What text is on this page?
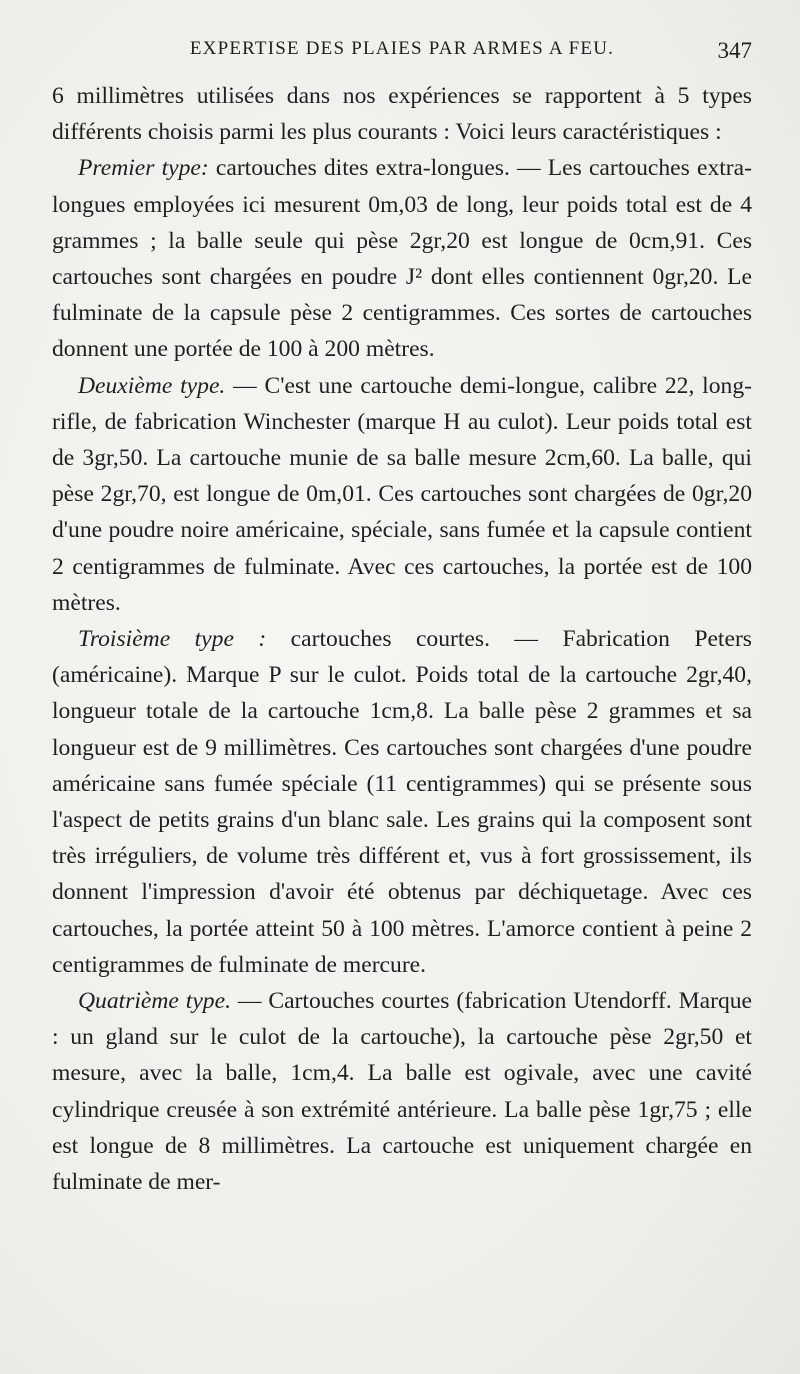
EXPERTISE DES PLAIES PAR ARMES A FEU.	347

6 millimètres utilisées dans nos expériences se rapportent à 5 types différents choisis parmi les plus courants : Voici leurs caractéristiques :

Premier type: cartouches dites extra-longues. — Les cartouches extra-longues employées ici mesurent 0m,03 de long, leur poids total est de 4 grammes ; la balle seule qui pèse 2gr,20 est longue de 0cm,91. Ces cartouches sont chargées en poudre J² dont elles contiennent 0gr,20. Le fulminate de la capsule pèse 2 centigrammes. Ces sortes de cartouches donnent une portée de 100 à 200 mètres.

Deuxième type. — C'est une cartouche demi-longue, calibre 22, long-rifle, de fabrication Winchester (marque H au culot). Leur poids total est de 3gr,50. La cartouche munie de sa balle mesure 2cm,60. La balle, qui pèse 2gr,70, est longue de 0m,01. Ces cartouches sont chargées de 0gr,20 d'une poudre noire américaine, spéciale, sans fumée et la capsule contient 2 centigrammes de fulminate. Avec ces cartouches, la portée est de 100 mètres.

Troisième type : cartouches courtes. — Fabrication Peters (américaine). Marque P sur le culot. Poids total de la cartouche 2gr,40, longueur totale de la cartouche 1cm,8. La balle pèse 2 grammes et sa longueur est de 9 millimètres. Ces cartouches sont chargées d'une poudre américaine sans fumée spéciale (11 centigrammes) qui se présente sous l'aspect de petits grains d'un blanc sale. Les grains qui la composent sont très irréguliers, de volume très différent et, vus à fort grossissement, ils donnent l'impression d'avoir été obtenus par déchiquetage. Avec ces cartouches, la portée atteint 50 à 100 mètres. L'amorce contient à peine 2 centigrammes de fulminate de mercure.

Quatrième type. — Cartouches courtes (fabrication Utendorff. Marque : un gland sur le culot de la cartouche), la cartouche pèse 2gr,50 et mesure, avec la balle, 1cm,4. La balle est ogivale, avec une cavité cylindrique creusée à son extrémité antérieure. La balle pèse 1gr,75 ; elle est longue de 8 millimètres. La cartouche est uniquement chargée en fulminate de mer-
